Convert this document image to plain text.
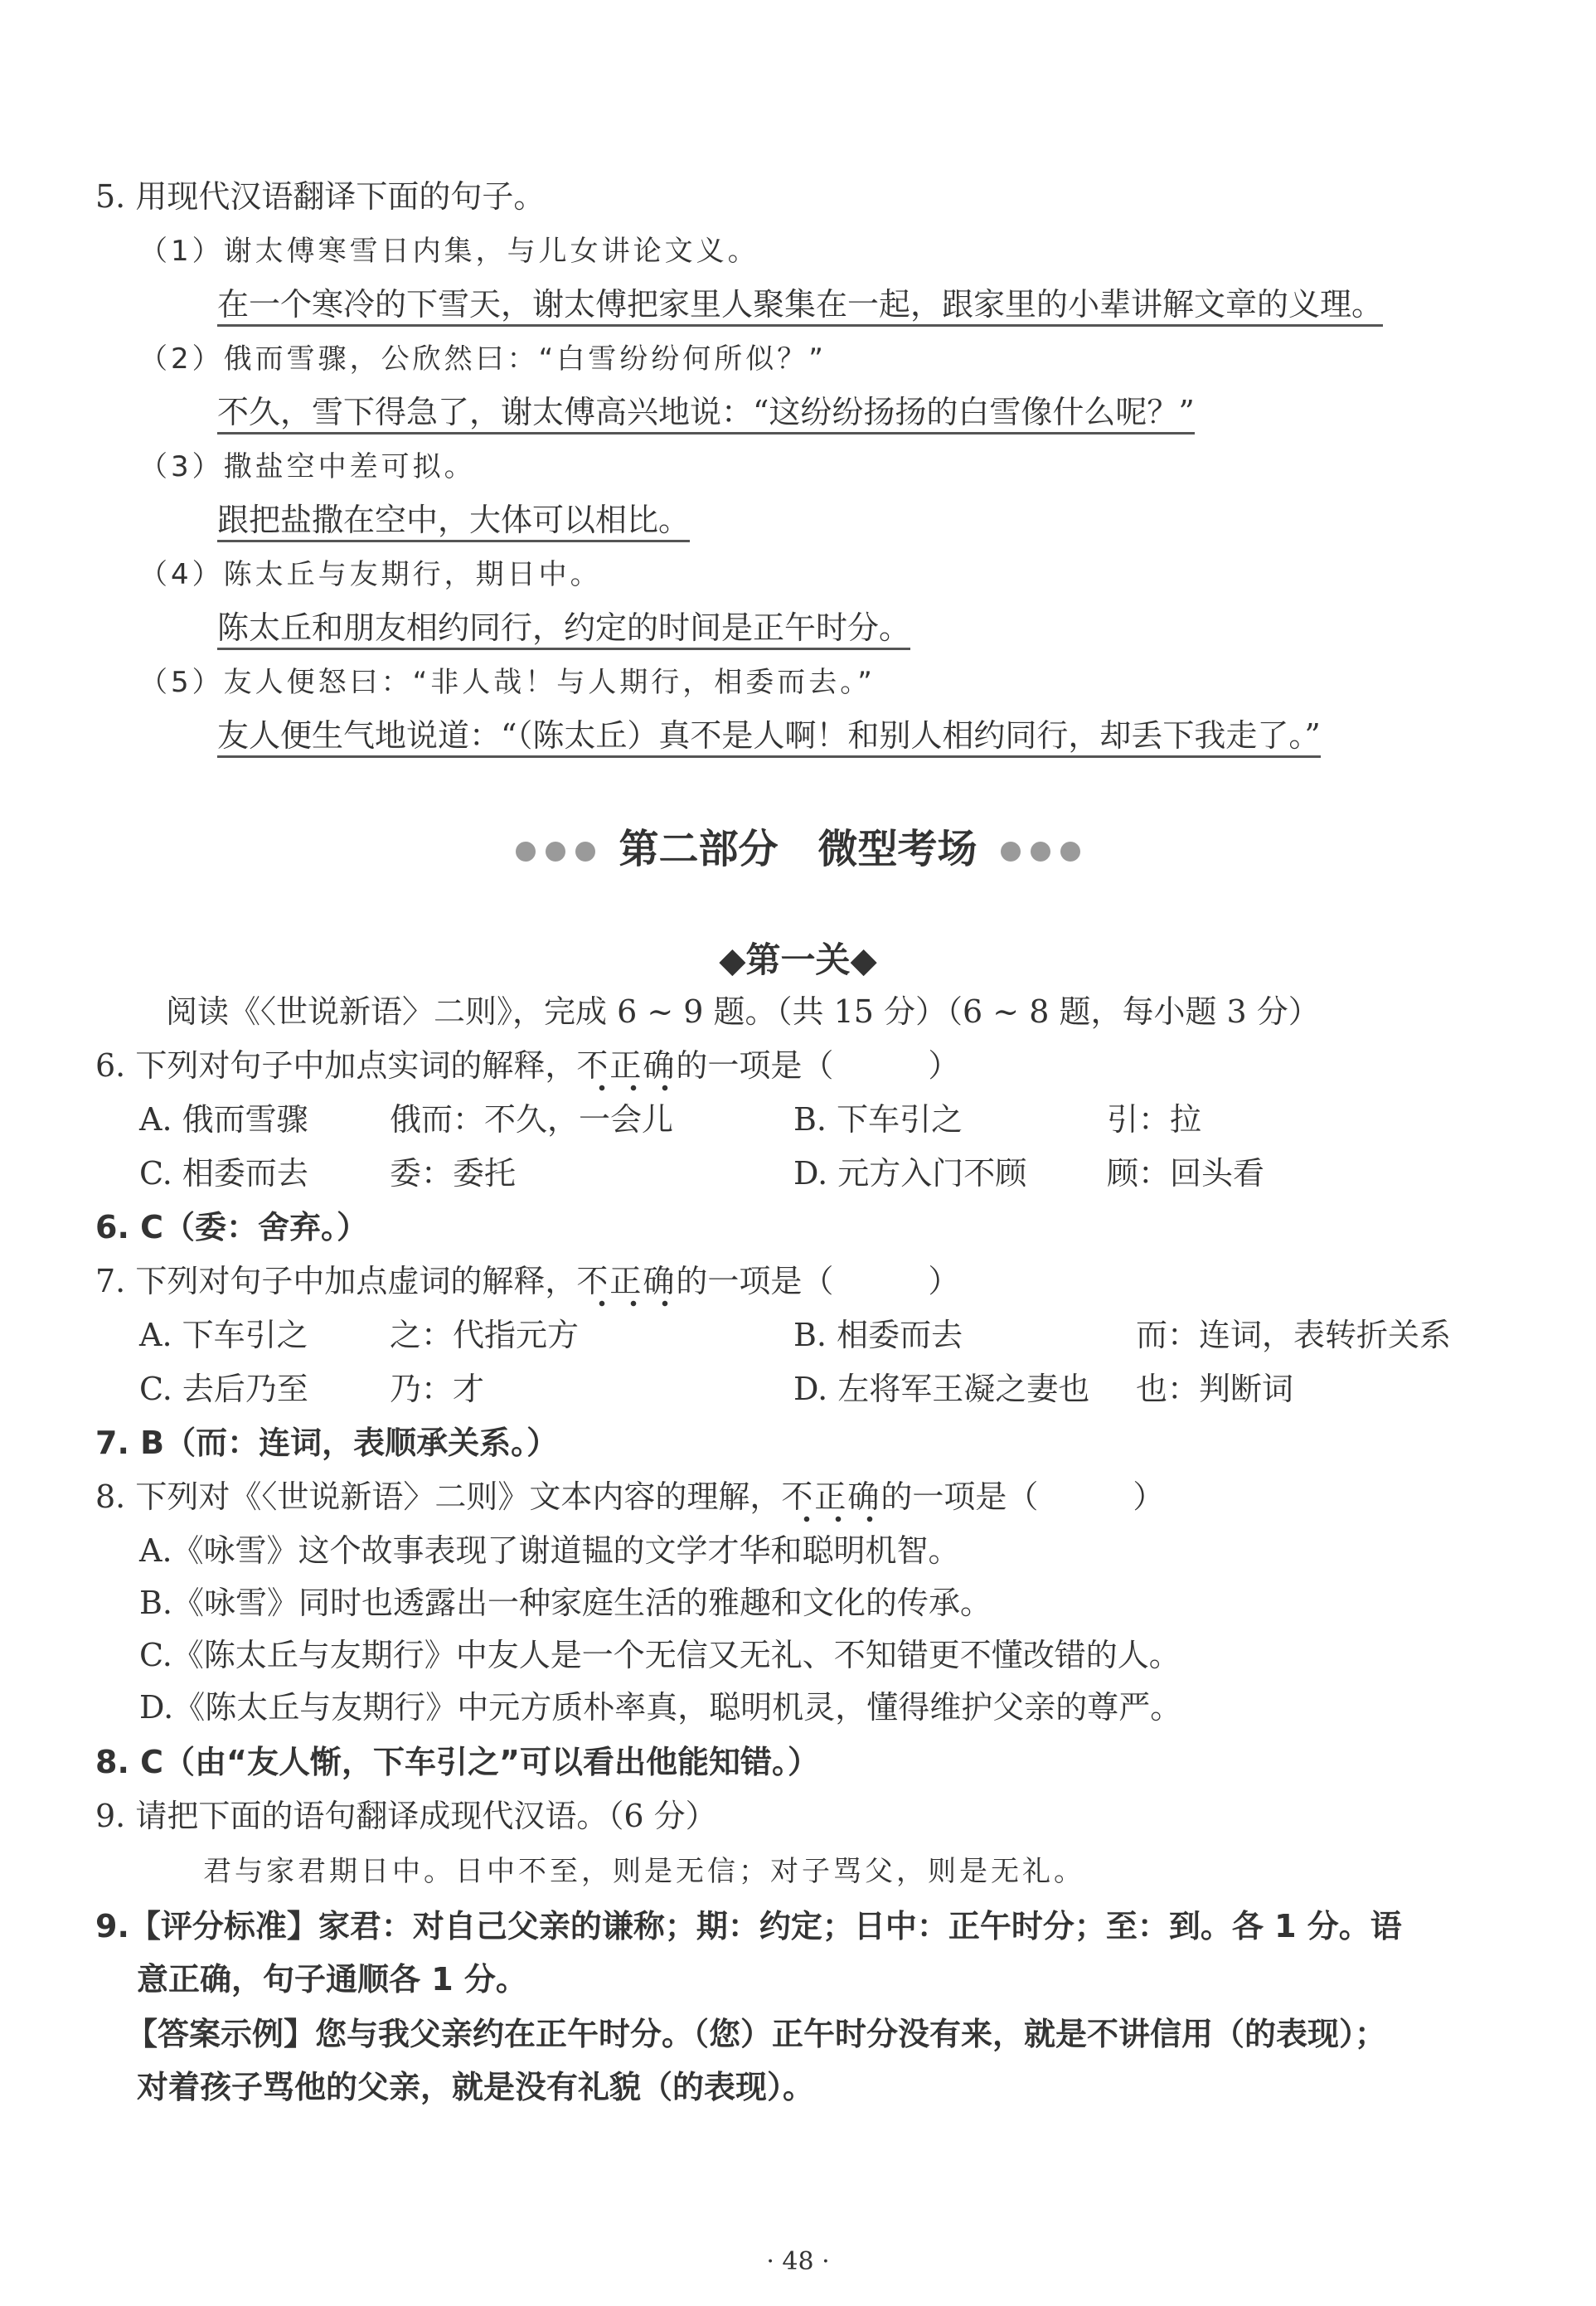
5. 用现代汉语翻译下面的句子。
（1）谢太傅寒雪日内集，与儿女讲论文义。
在一个寒冷的下雪天，谢太傅把家里人聚集在一起，跟家里的小辈讲解文章的义理。
（2）俄而雪骤，公欣然曰：“白雪纷纷何所似？”
不久，雪下得急了，谢太傅高兴地说：“这纷纷扬扬的白雪像什么呢？”
（3）撒盐空中差可拟。
跟把盐撒在空中，大体可以相比。
（4）陈太丘与友期行，期日中。
陈太丘和朋友相约同行，约定的时间是正午时分。
（5）友人便怒曰：“非人哉！与人期行，相委而去。”
友人便生气地说道：“（陈太丘）真不是人啊！和别人相约同行，却丢下我走了。”
第二部分　微型考场
◆第一关◆
阅读《〈世说新语〉二则》，完成 6 ~ 9 题。（共 15 分）（6 ~ 8 题，每小题 3 分）
6. 下列对句子中加点实词的解释，不正确的一项是（　　　）
A. 俄而雪骤	俄而：不久，一会儿	B. 下车引之	引：拉
C. 相委而去	委：委托	D. 元方入门不顾	顾：回头看
6. C（委：舍弃。）
7. 下列对句子中加点虚词的解释，不正确的一项是（　　　）
A. 下车引之	之：代指元方	B. 相委而去	而：连词，表转折关系
C. 去后乃至	乃：才	D. 左将军王凝之妻也 也：判断词
7. B（而：连词，表顺承关系。）
8. 下列对《〈世说新语〉二则》文本内容的理解，不正确的一项是（　　　）
A.《咏雪》这个故事表现了谢道韫的文学才华和聪明机智。
B.《咏雪》同时也透露出一种家庭生活的雅趣和文化的传承。
C.《陈太丘与友期行》中友人是一个无信又无礼、不知错更不懂改错的人。
D.《陈太丘与友期行》中元方质朴率真，聪明机灵，懂得维护父亲的尊严。
8. C（由“友人惭，下车引之”可以看出他能知错。）
9. 请把下面的语句翻译成现代汉语。（6 分）
君与家君期日中。日中不至，则是无信；对子骂父，则是无礼。
9.【评分标准】家君：对自己父亲的谦称；期：约定；日中：正午时分；至：到。各 1 分。语
意正确，句子通顺各 1 分。
【答案示例】您与我父亲约在正午时分。（您）正午时分没有来，就是不讲信用（的表现）；
对着孩子骂他的父亲，就是没有礼貌（的表现）。
· 48 ·
